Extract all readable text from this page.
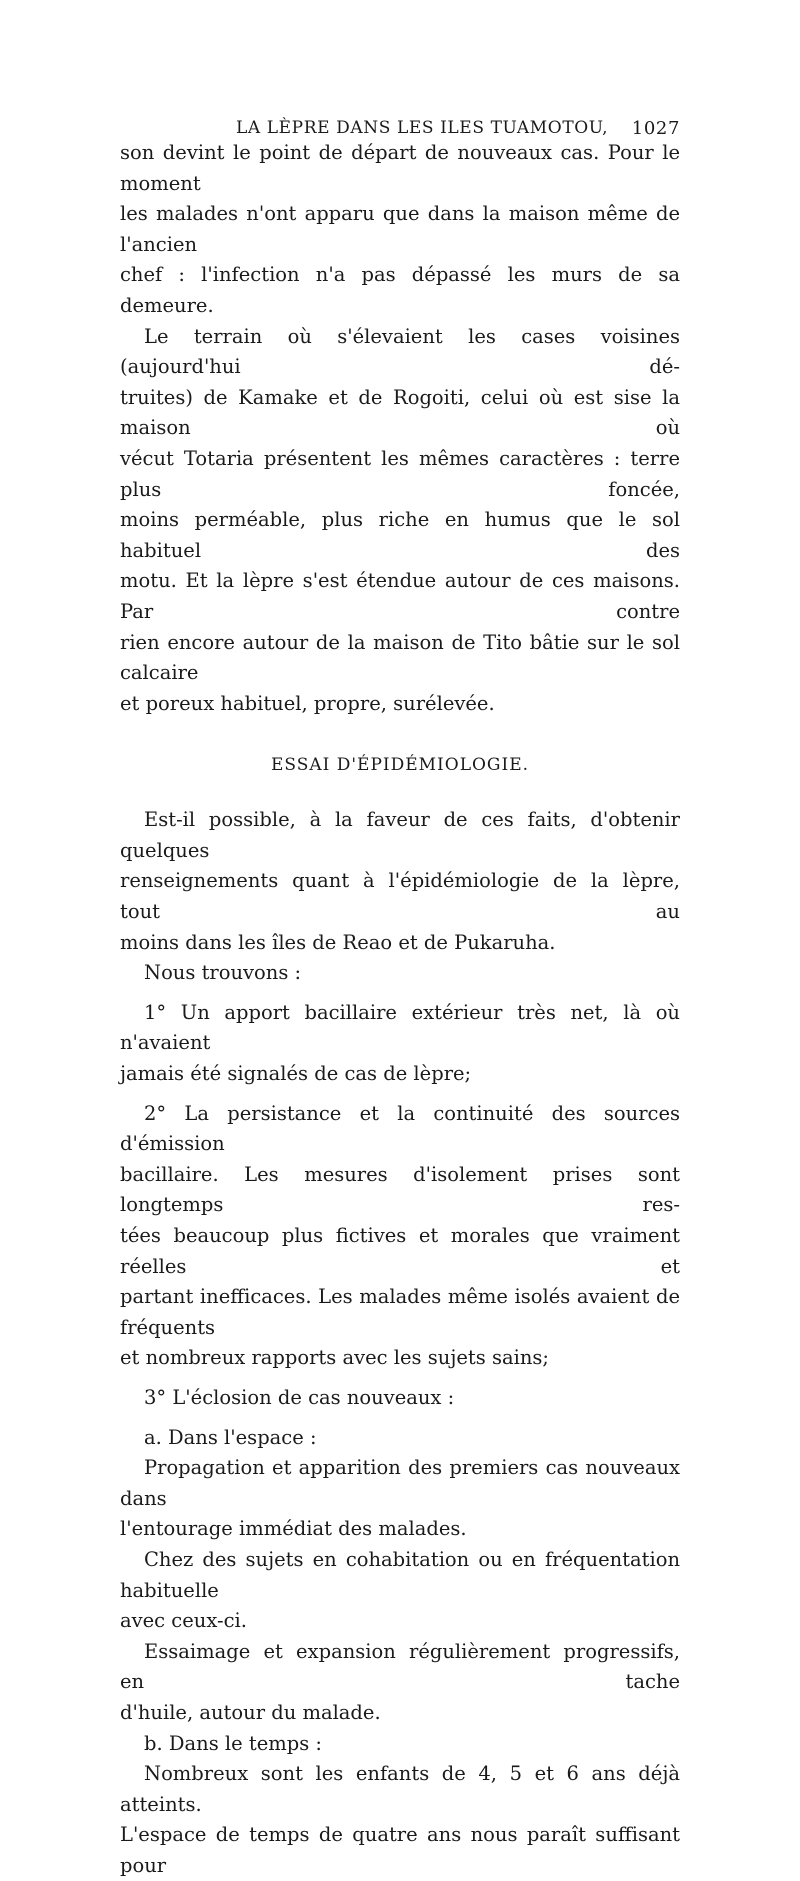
LA LÈPRE DANS LES ILES TUAMOTOU, 1027

son devint le point de départ de nouveaux cas. Pour le moment

les malades n'ont apparu que dans la maison même de l'ancien

chef : l'infection n'a pas dépassé les murs de sa demeure.

Le terrain où s'élevaient les cases voisines (aujourd'hui dé-

truites) de Kamake et de Rogoiti, celui où est sise la maison où

vécut Totaria présentent les mêmes caractères : terre plus foncée,

moins perméable, plus riche en humus que le sol habituel des

motu. Et la lèpre s'est étendue autour de ces maisons. Par contre

rien encore autour de la maison de Tito bâtie sur le sol calcaire

et poreux habituel, propre, surélevée.

ESSAI D'ÉPIDÉMIOLOGIE.

Est-il possible, à la faveur de ces faits, d'obtenir quelques

renseignements quant à l'épidémiologie de la lèpre, tout au

moins dans les îles de Reao et de Pukaruha.

Nous trouvons :

1° Un apport bacillaire extérieur très net, là où n'avaient

jamais été signalés de cas de lèpre;

2° La persistance et la continuité des sources d'émission

bacillaire. Les mesures d'isolement prises sont longtemps res-

tées beaucoup plus fictives et morales que vraiment réelles et

partant inefficaces. Les malades même isolés avaient de fréquents

et nombreux rapports avec les sujets sains;

3° L'éclosion de cas nouveaux :

a. Dans l'espace :

Propagation et apparition des premiers cas nouveaux dans

l'entourage immédiat des malades.

Chez des sujets en cohabitation ou en fréquentation habituelle

avec ceux-ci.

Essaimage et expansion régulièrement progressifs, en tache

d'huile, autour du malade.

b. Dans le temps :

Nombreux sont les enfants de 4, 5 et 6 ans déjà atteints.

L'espace de temps de quatre ans nous paraît suffisant pour
